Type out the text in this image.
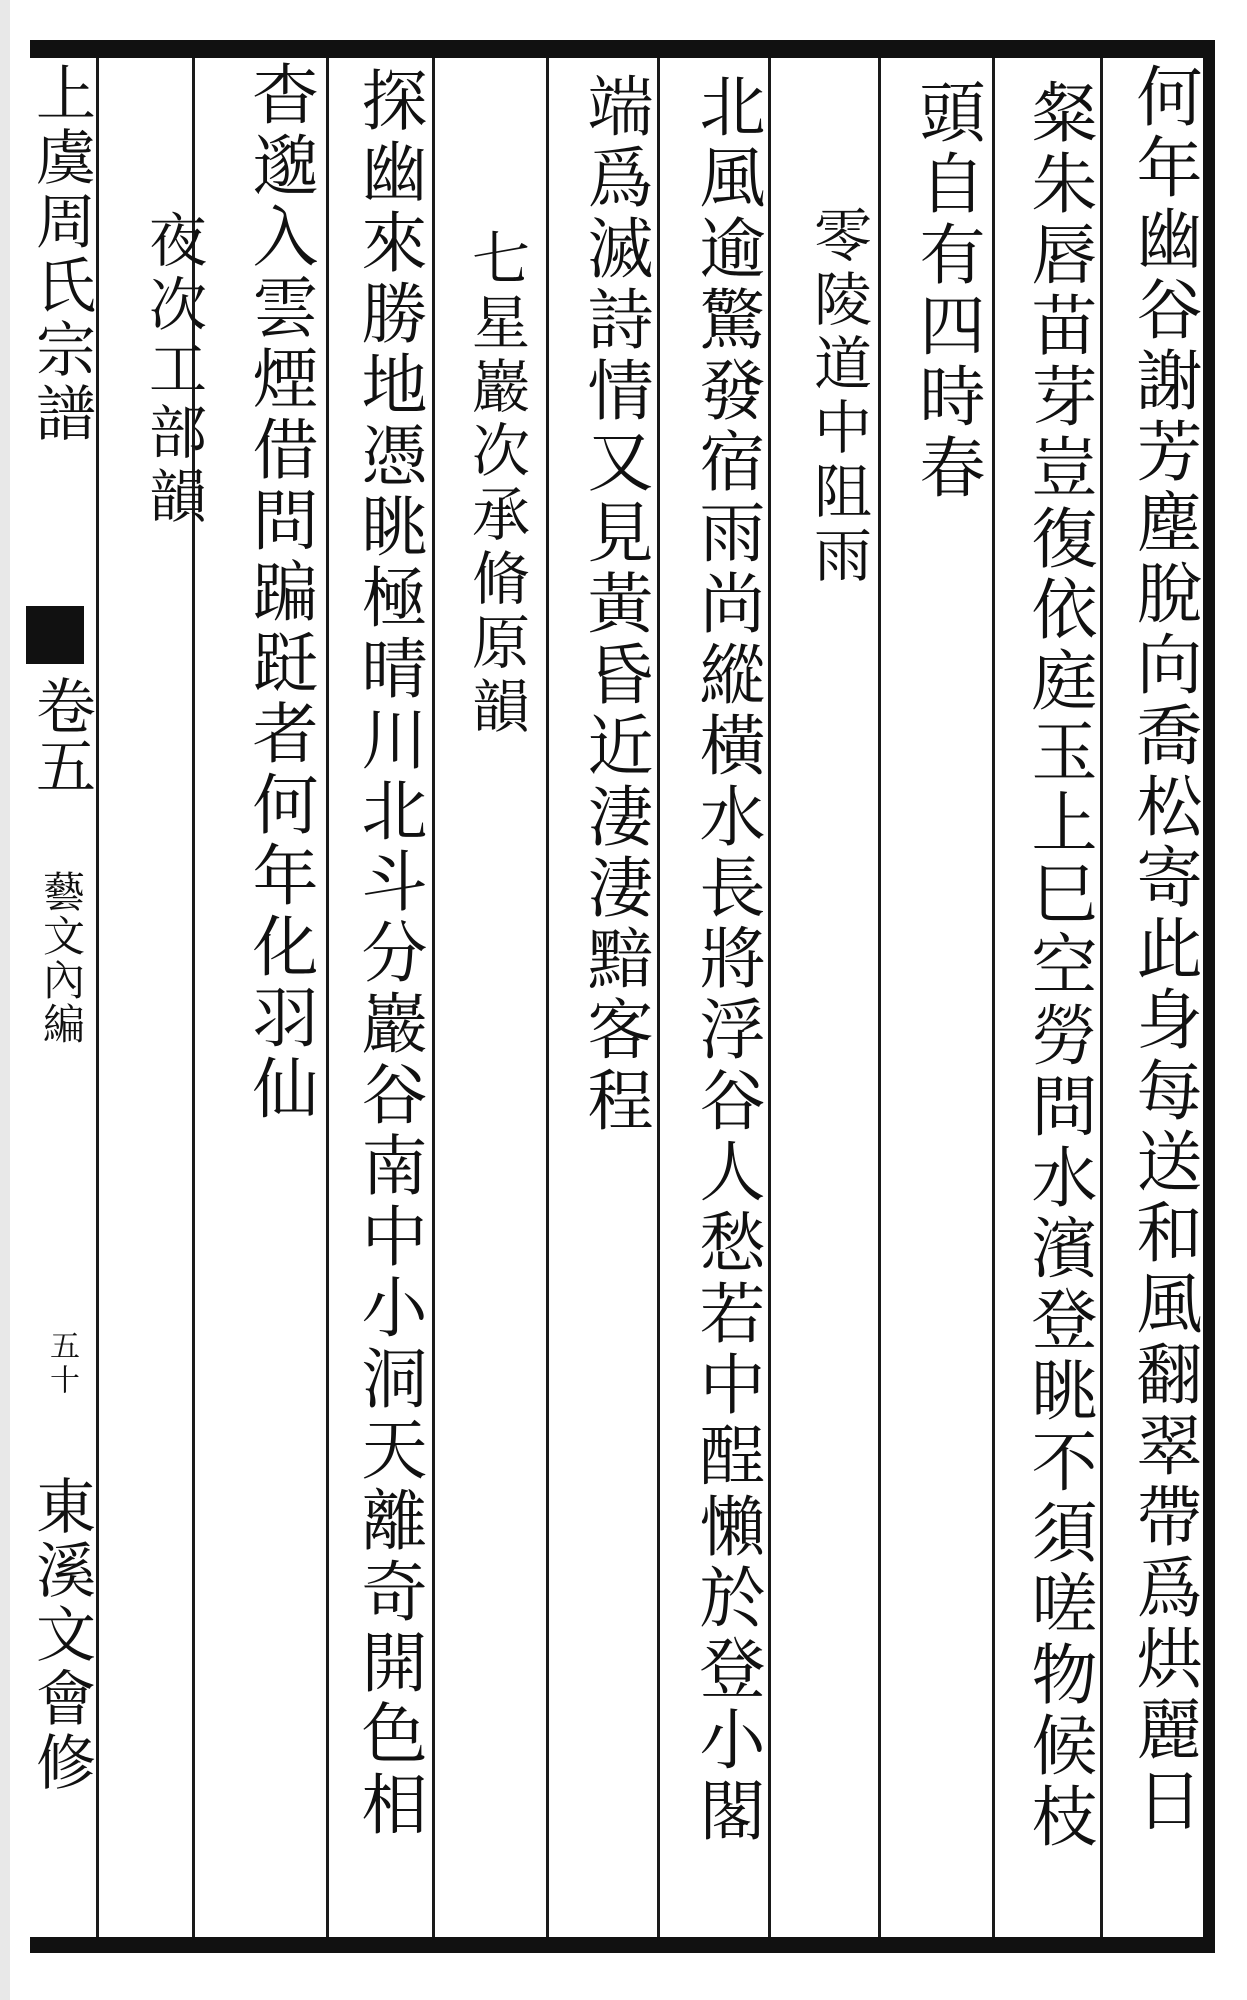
上虞周氏宗譜
卷五
藝文內編
五十
東溪文會修	何年幽谷謝芳塵脫向喬松寄此身每送和風翻翠帶爲烘麗日
粲朱唇苗芽豈復依庭玉上巳空勞問水濱登眺不須嗟物候枝
頭自有四時春
零陵道中阻雨
北風逾驚發宿雨尚縱橫水長將浮谷人愁若中酲懶於登小閣
端爲滅詩情又見黃昏近淒淒黯客程
七星巖次承脩原韻
探幽來勝地憑眺極晴川北斗分巖谷南中小洞天離奇開色相
杳邈入雲煙借問蹁跹者何年化羽仙
夜次工部韻
